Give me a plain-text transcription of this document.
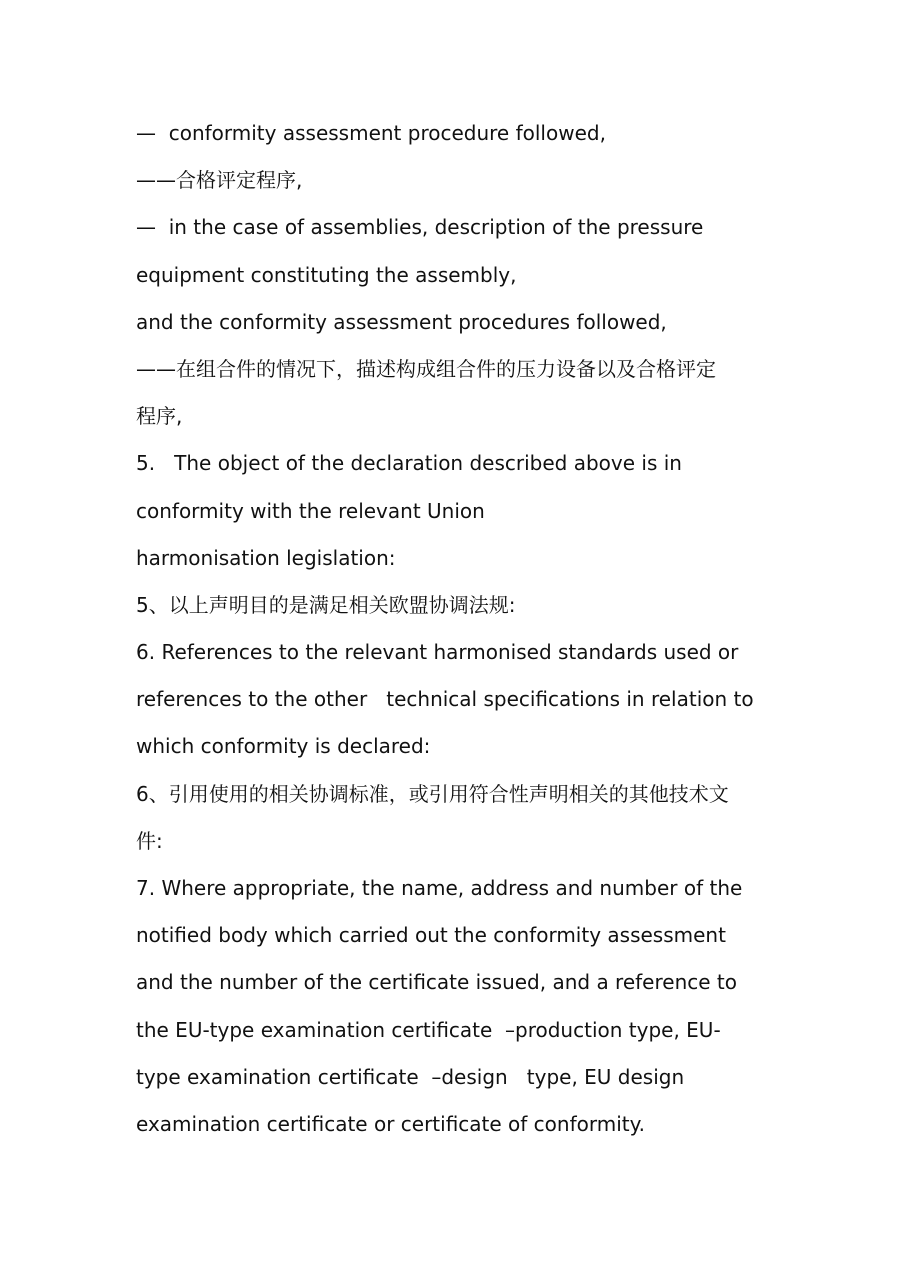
—  conformity assessment procedure followed,
——合格评定程序,
—  in the case of assemblies, description of the pressure
equipment constituting the assembly,
and the conformity assessment procedures followed,
——在组合件的情况下，描述构成组合件的压力设备以及合格评定
程序,
5.   The object of the declaration described above is in
conformity with the relevant Union
harmonisation legislation:
5、以上声明目的是满足相关欧盟协调法规:
6. References to the relevant harmonised standards used or
references to the other   technical specifications in relation to
which conformity is declared:
6、引用使用的相关协调标准，或引用符合性声明相关的其他技术文
件:
7. Where appropriate, the name, address and number of the
notified body which carried out the conformity assessment
and the number of the certificate issued, and a reference to
the EU-type examination certificate  –production type, EU-
type examination certificate  –design   type, EU design
examination certificate or certificate of conformity.
